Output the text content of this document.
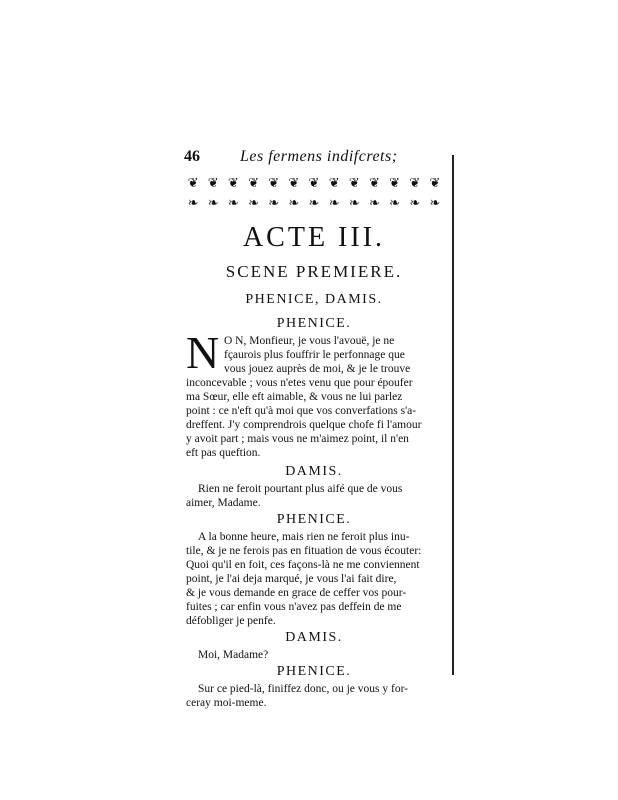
46	Les fermens indifcrets;
❦ ❦ ❦ ❦ ❦ ❦ ❦ ❦ ❦ ❦ ❦ ❦ ❦
❧ ❧ ❧ ❧ ❧ ❧ ❧ ❧ ❧ ❧ ❧ ❧ ❧
ACTE III.
SCENE PREMIERE.
PHENICE, DAMIS.
PHENICE.
N O N, Monfieur, je vous l'avouë, je ne
fçaurois plus fouffrir le perfonnage que
vous jouez auprès de moi, & je le trouve
inconcevable ; vous n'etes venu que pour époufer
ma Sœur, elle eft aimable, & vous ne lui parlez
point : ce n'eft qu'à moi que vos converfations s'a-
dreffent. J'y comprendrois quelque chofe fi l'amour
y avoit part ; mais vous ne m'aimez point, il n'en
eft pas queftion.
DAMIS.
Rien ne feroit pourtant plus aifé que de vous
aimer, Madame.
PHENICE.
A la bonne heure, mais rien ne feroit plus inu-
tile, & je ne ferois pas en fituation de vous écouter:
Quoi qu'il en foit, ces façons-là ne me conviennent
point, je l'ai deja marqué, je vous l'ai fait dire,
& je vous demande en grace de ceffer vos pour-
fuites ; car enfin vous n'avez pas deffein de me
défobliger je penfe.
DAMIS.
Moi, Madame?
PHENICE.
Sur ce pied-là, finiffez donc, ou je vous y for-
ceray moi-meme.
